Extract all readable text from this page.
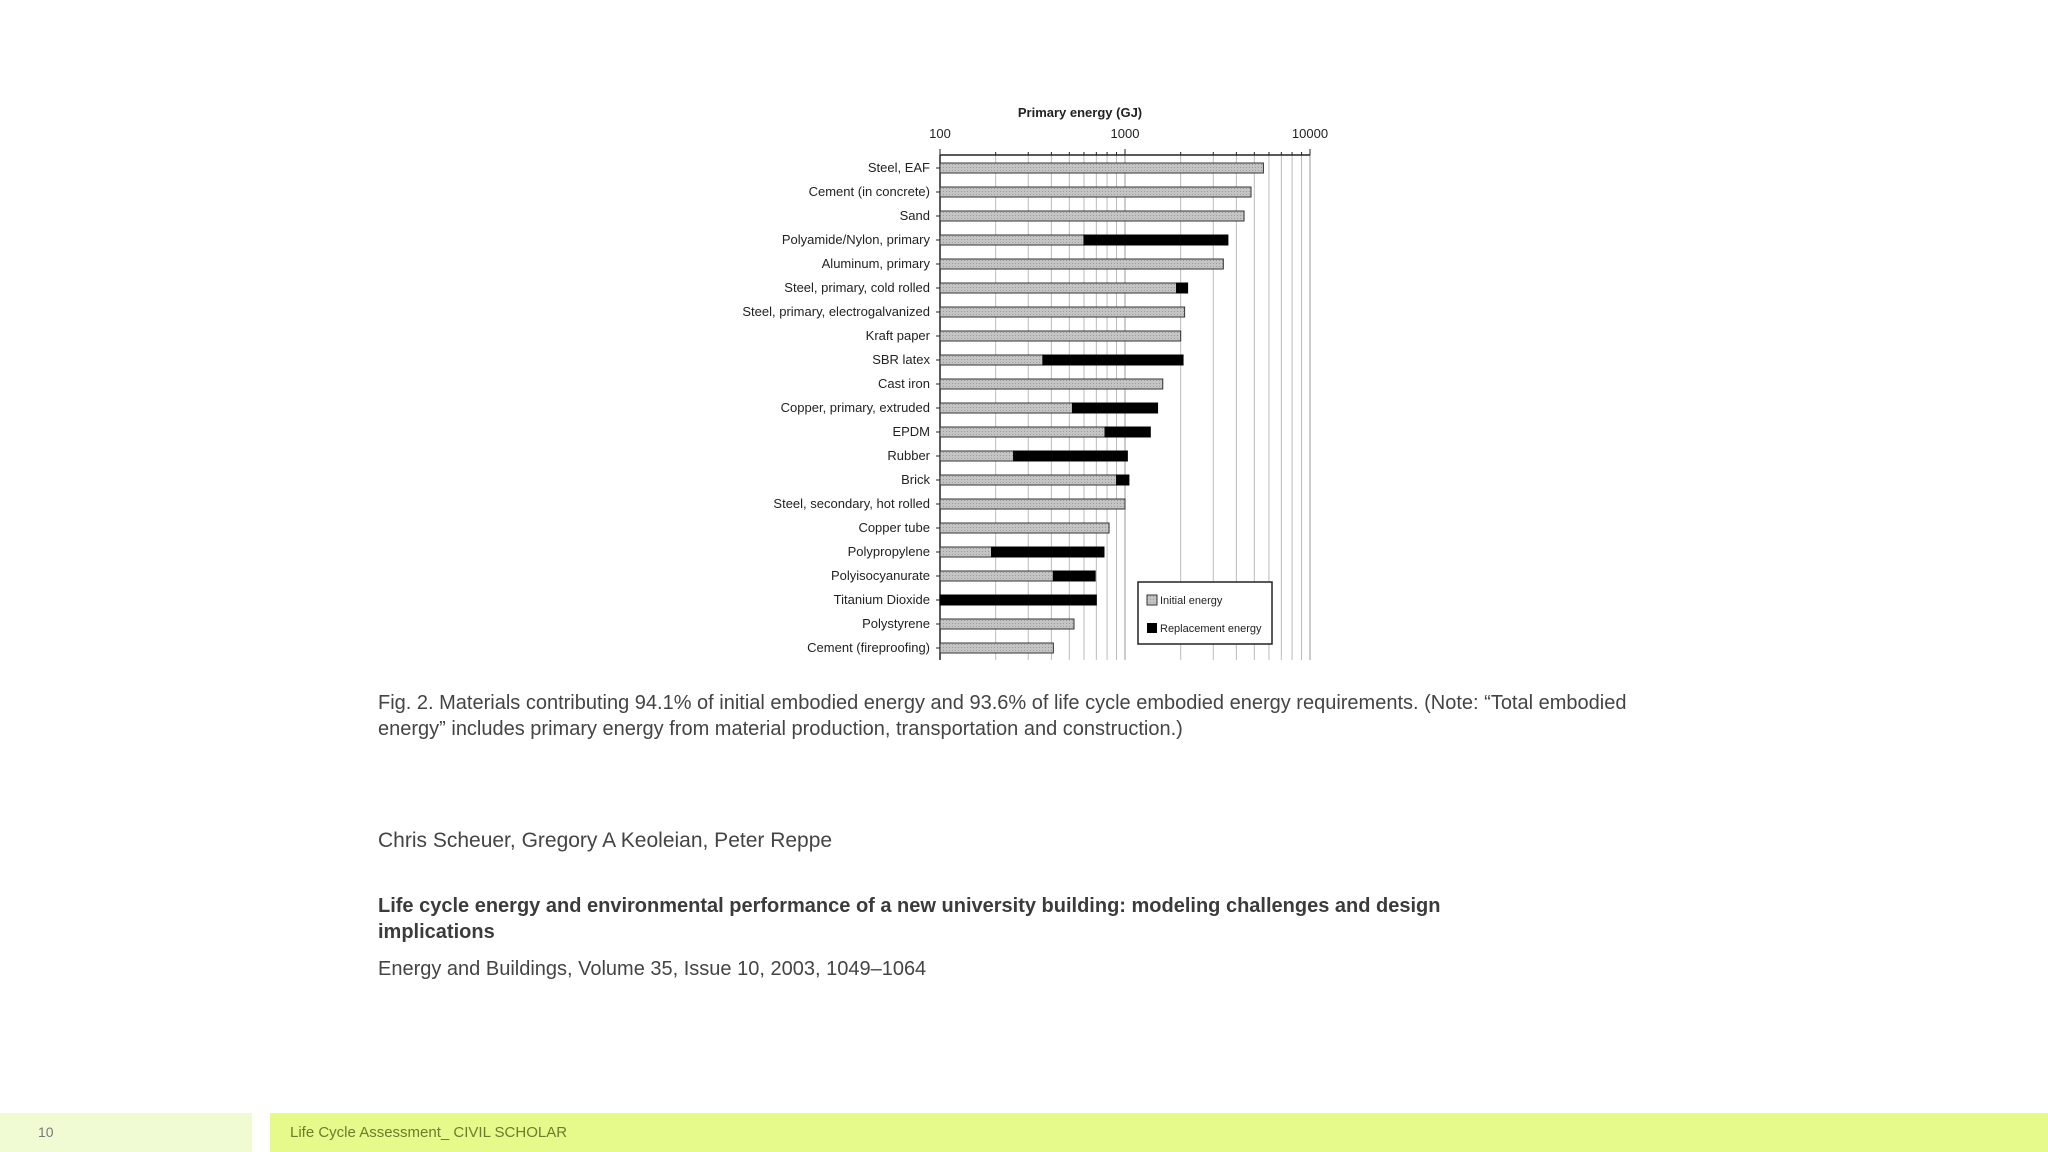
Primary energy (GJ)
100	1000	10000
Steel, EAF
Cement (in concrete)
Sand
Polyamide/Nylon, primary
Aluminum, primary
Steel, primary, cold rolled
Steel, primary, electrogalvanized
Kraft paper
SBR latex
Cast iron
Copper, primary, extruded
EPDM
Rubber
Brick
Steel, secondary, hot rolled
Copper tube
Polypropylene
Polyisocyanurate
Titanium Dioxide
Polystyrene
Cement (fireproofing)
Initial energy
Replacement energy

Fig. 2. Materials contributing 94.1% of initial embodied energy and 93.6% of life cycle embodied energy requirements. (Note: “Total embodied energy” includes primary energy from material production, transportation and construction.)

Chris Scheuer, Gregory A Keoleian, Peter Reppe

Life cycle energy and environmental performance of a new university building: modeling challenges and design implications

Energy and Buildings, Volume 35, Issue 10, 2003, 1049–1064
10	Life Cycle Assessment_ CIVIL SCHOLAR
